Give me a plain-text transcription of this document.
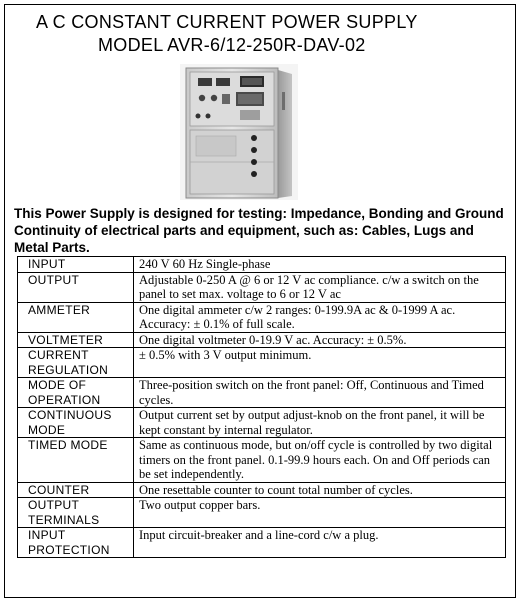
A C CONSTANT CURRENT POWER SUPPLY
MODEL AVR-6/12-250R-DAV-02
This Power Supply is designed for testing: Impedance, Bonding and Ground Continuity of electrical parts and equipment, such as: Cables, Lugs and Metal Parts.
INPUT	240 V 60 Hz Single-phase
OUTPUT	Adjustable 0-250 A @ 6 or 12 V ac compliance. c/w a switch on the panel to set max. voltage to 6 or 12 V ac
AMMETER	One digital ammeter c/w 2 ranges: 0-199.9A ac & 0-1999 A ac. Accuracy: ± 0.1% of full scale.
VOLTMETER	One digital voltmeter 0-19.9 V ac. Accuracy: ± 0.5%.
CURRENT REGULATION	± 0.5% with 3 V output minimum.
MODE OF OPERATION	Three-position switch on the front panel: Off, Continuous and Timed cycles.
CONTINUOUS MODE	Output current set by output adjust-knob on the front panel, it will be kept constant by internal regulator.
TIMED MODE	Same as continuous mode, but on/off cycle is controlled by two digital timers on the front panel. 0.1-99.9 hours each. On and Off periods can be set independently.
COUNTER	One resettable counter to count total number of cycles.
OUTPUT TERMINALS	Two output copper bars.
INPUT PROTECTION	Input circuit-breaker and a line-cord c/w a plug.
